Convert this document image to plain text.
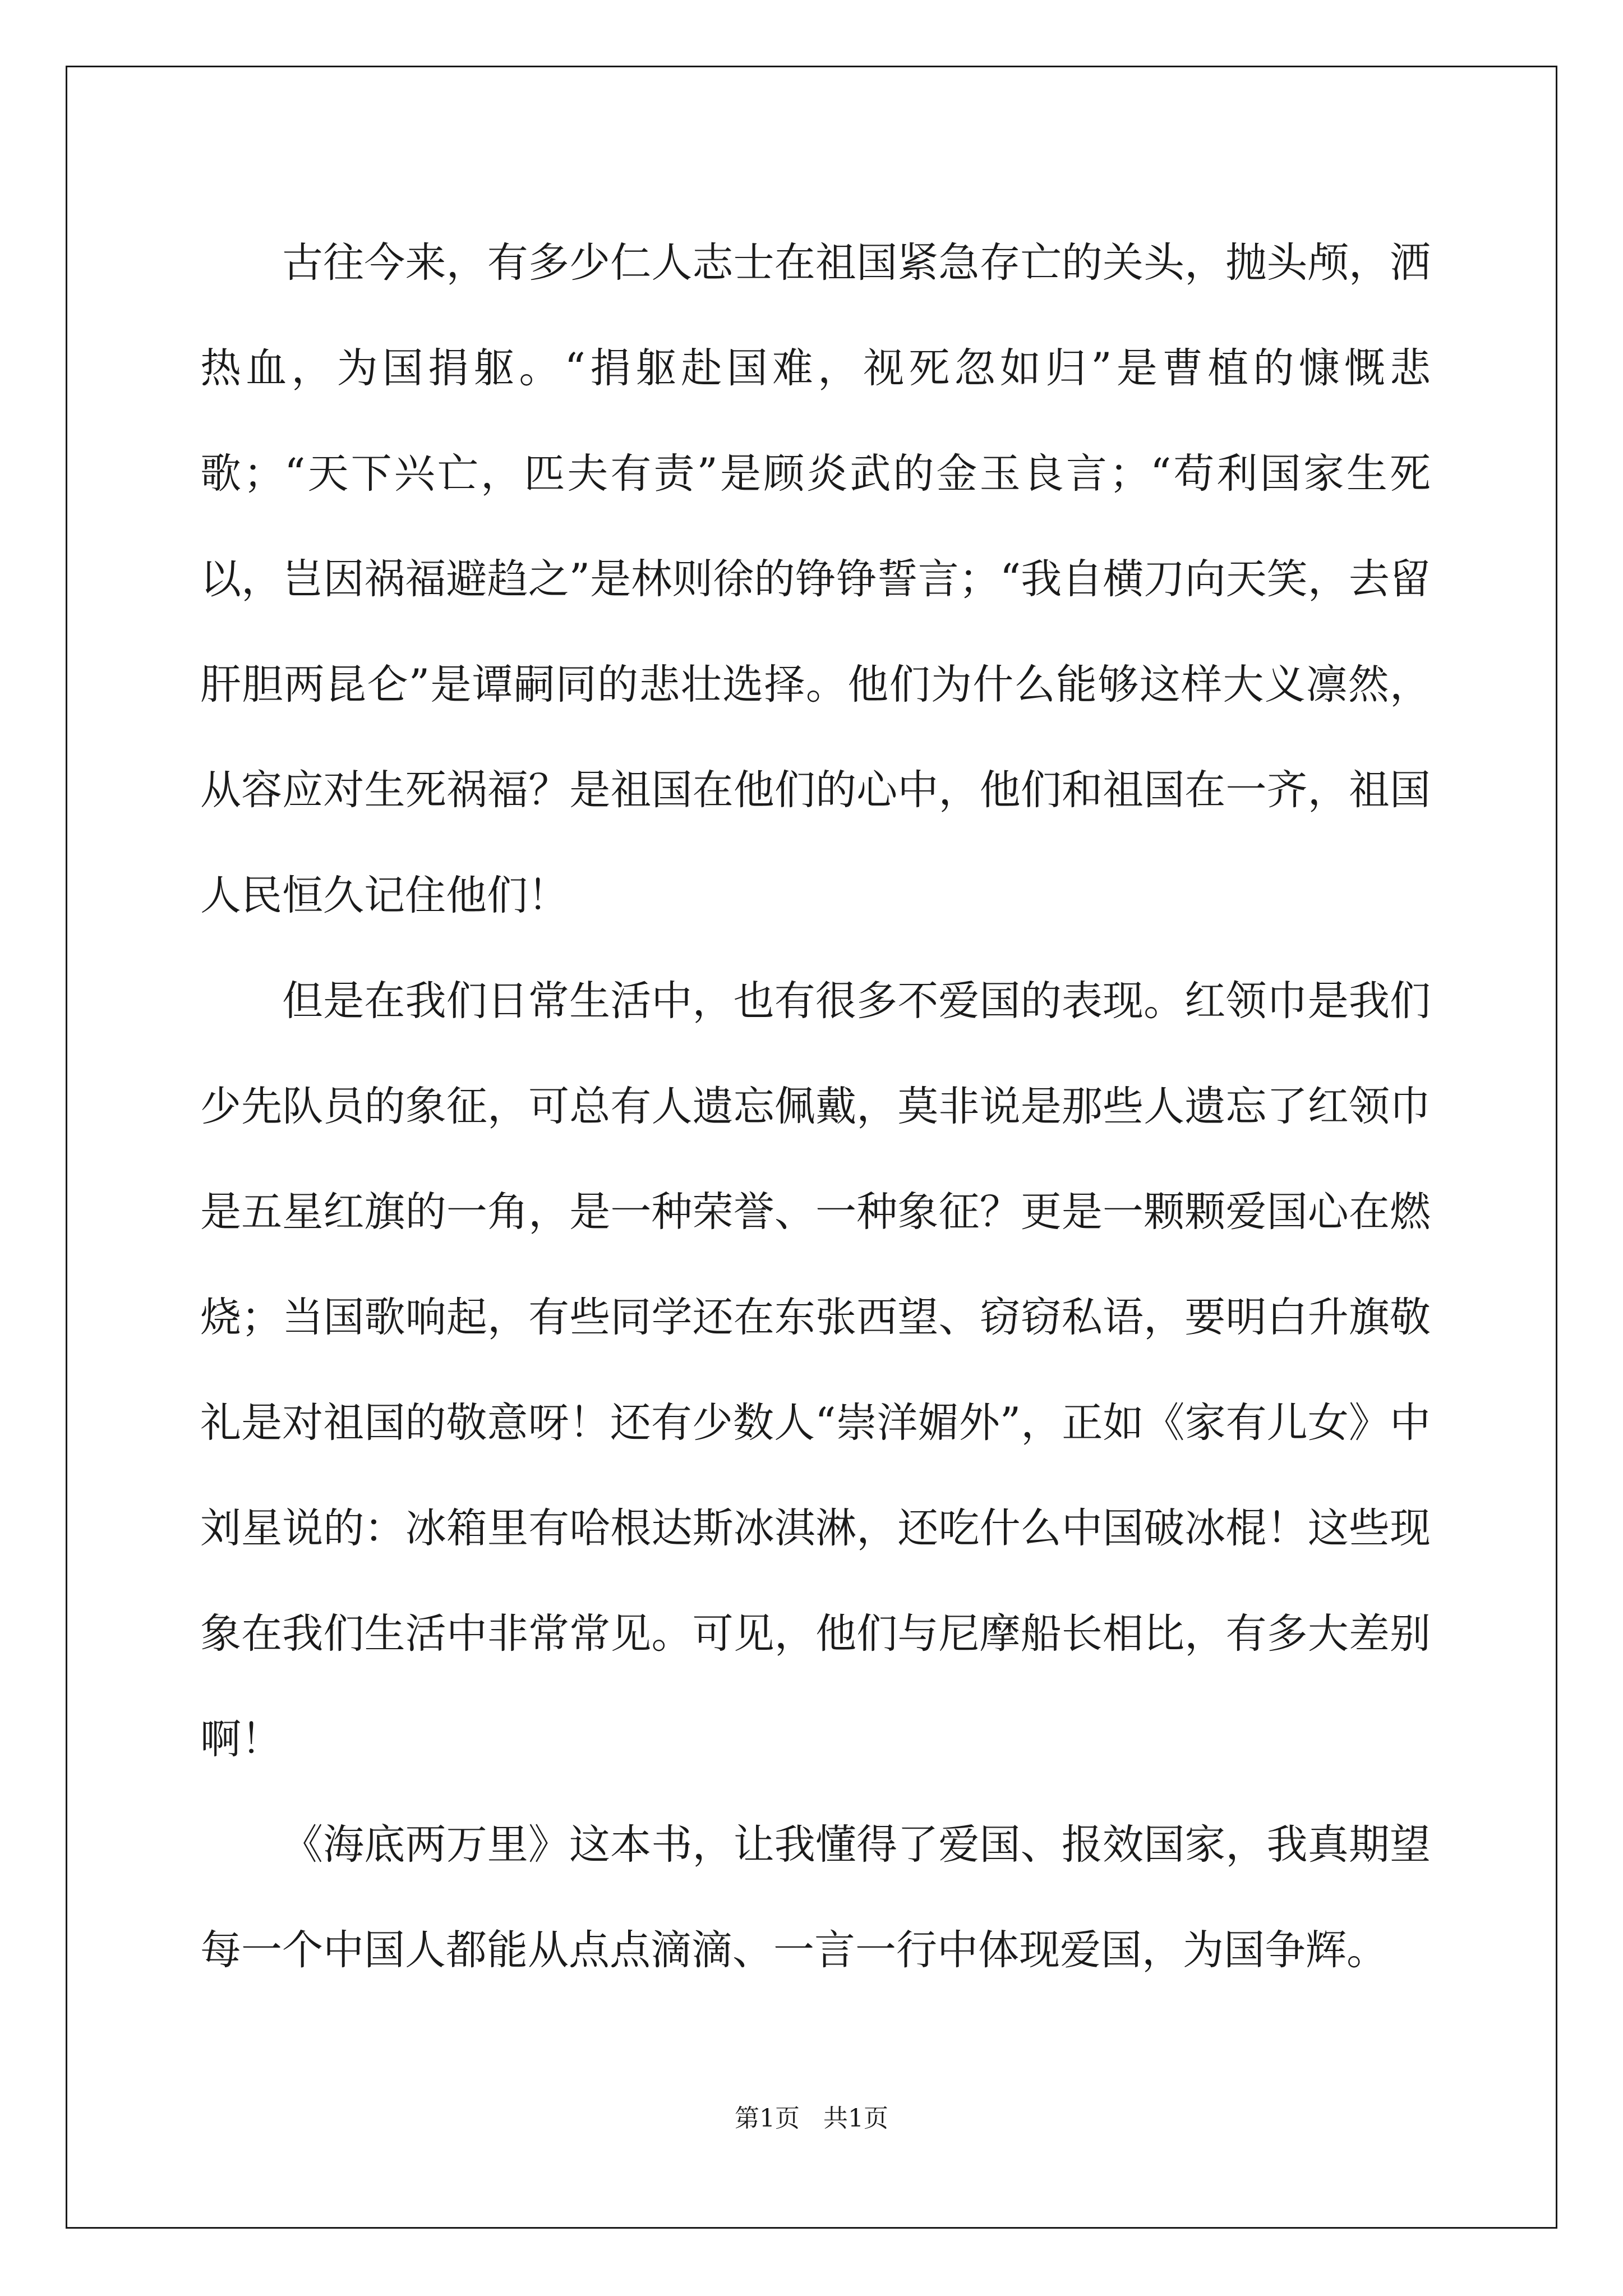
古往今来，有多少仁人志士在祖国紧急存亡的关头，抛头颅，洒热血，为国捐躯。“捐躯赴国难，视死忽如归”是曹植的慷慨悲歌；“天下兴亡，匹夫有责”是顾炎武的金玉良言；“苟利国家生死以，岂因祸福避趋之”是林则徐的铮铮誓言；“我自横刀向天笑，去留肝胆两昆仑”是谭嗣同的悲壮选择。他们为什么能够这样大义凛然，从容应对生死祸福？是祖国在他们的心中，他们和祖国在一齐，祖国人民恒久记住他们！

但是在我们日常生活中，也有很多不爱国的表现。红领巾是我们少先队员的象征，可总有人遗忘佩戴，莫非说是那些人遗忘了红领巾是五星红旗的一角，是一种荣誉、一种象征？更是一颗颗爱国心在燃烧；当国歌响起，有些同学还在东张西望、窃窃私语，要明白升旗敬礼是对祖国的敬意呀！还有少数人“崇洋媚外”，正如《家有儿女》中刘星说的：冰箱里有哈根达斯冰淇淋，还吃什么中国破冰棍！这些现象在我们生活中非常常见。可见，他们与尼摩船长相比，有多大差别啊！

《海底两万里》这本书，让我懂得了爱国、报效国家，我真期望每一个中国人都能从点点滴滴、一言一行中体现爱国，为国争辉。

第1页   共1页
